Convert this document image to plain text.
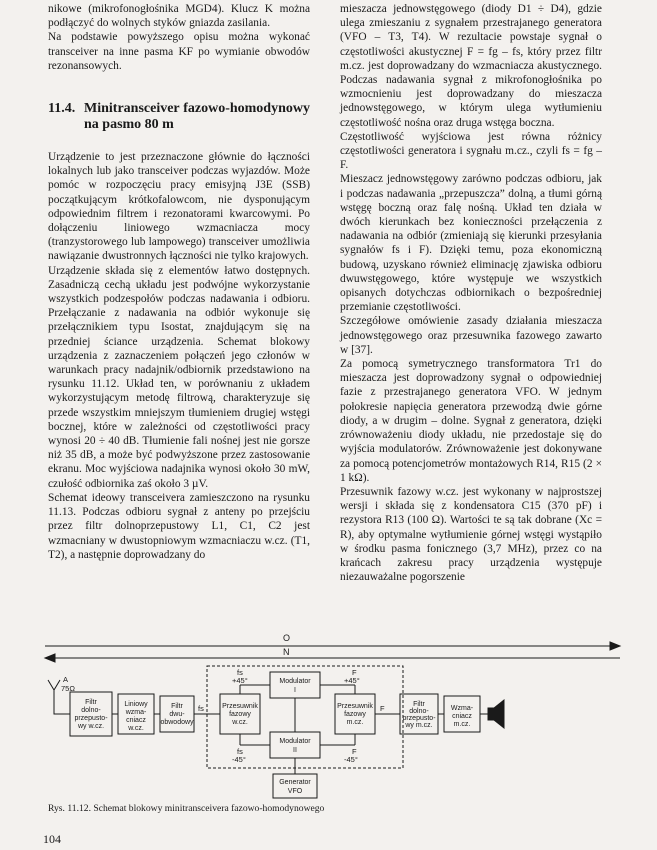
nikowe (mikrofonogłośnika MGD4). Klucz K można podłączyć do wolnych styków gniazda zasilania.

Na podstawie powyższego opisu można wykonać transceiver na inne pasma KF po wymianie obwodów rezonansowych.

11.4. Minitransceiver fazowo-homodynowy na pasmo 80 m

Urządzenie to jest przeznaczone głównie do łączności lokalnych lub jako transceiver podczas wyjazdów. Może pomóc w rozpoczęciu pracy emisyjną J3E (SSB) początkującym krótkofalowcom, nie dysponującym odpowiednim filtrem i rezonatorami kwarcowymi. Po dołączeniu liniowego wzmacniacza mocy (tranzystorowego lub lampowego) transceiver umożliwia nawiązanie dwustronnych łączności nie tylko krajowych.

Urządzenie składa się z elementów łatwo dostępnych. Zasadniczą cechą układu jest podwójne wykorzystanie wszystkich podzespołów podczas nadawania i odbioru. Przełączanie z nadawania na odbiór wykonuje się przełącznikiem typu Isostat, znajdującym się na przedniej ściance urządzenia. Schemat blokowy urządzenia z zaznaczeniem połączeń jego członów w warunkach pracy nadajnik/odbiornik przedstawiono na rysunku 11.12. Układ ten, w porównaniu z układem wykorzystującym metodę filtrową, charakteryzuje się przede wszystkim mniejszym tłumieniem drugiej wstęgi bocznej, które w zależności od częstotliwości pracy wynosi 20 ÷ 40 dB. Tłumienie fali nośnej jest nie gorsze niż 35 dB, a może być podwyższone przez zastosowanie ekranu. Moc wyjściowa nadajnika wynosi około 30 mW, czułość odbiornika zaś około 3 µV.

Schemat ideowy transceivera zamieszczono na rysunku 11.13. Podczas odbioru sygnał z anteny po przejściu przez filtr dolnoprzepustowy L1, C1, C2 jest wzmacniany w dwustopniowym wzmacniaczu w.cz. (T1, T2), a następnie doprowadzany do

mieszacza jednowstęgowego (diody D1 ÷ D4), gdzie ulega zmieszaniu z sygnałem przestrajanego generatora (VFO – T3, T4). W rezultacie powstaje sygnał o częstotliwości akustycznej F = fg – fs, który przez filtr m.cz. jest doprowadzany do wzmacniacza akustycznego. Podczas nadawania sygnał z mikrofonogłośnika po wzmocnieniu jest doprowadzany do mieszacza jednowstęgowego, w którym ulega wytłumieniu częstotliwość nośna oraz druga wstęga boczna.

Częstotliwość wyjściowa jest równa różnicy częstotliwości generatora i sygnału m.cz., czyli fs = fg – F.

Mieszacz jednowstęgowy zarówno podczas odbioru, jak i podczas nadawania „przepuszcza” dolną, a tłumi górną wstęgę boczną oraz falę nośną. Układ ten działa w dwóch kierunkach bez konieczności przełączenia z nadawania na odbiór (zmieniają się kierunki przesyłania sygnałów fs i F). Dzięki temu, poza ekonomiczną budową, uzyskano również eliminację zjawiska odbioru dwuwstęgowego, które występuje we wszystkich opisanych dotychczas odbiornikach o bezpośredniej przemianie częstotliwości.

Szczegółowe omówienie zasady działania mieszacza jednowstęgowego oraz przesuwnika fazowego zawarto w [37].

Za pomocą symetrycznego transformatora Tr1 do mieszacza jest doprowadzony sygnał o odpowiedniej fazie z przestrajanego generatora VFO. W jednym połokresie napięcia generatora przewodzą dwie górne diody, a w drugim – dolne. Sygnał z generatora, dzięki zrównoważeniu diody układu, nie przedostaje się do wyjścia modulatorów. Zrównoważenie jest dokonywane za pomocą potencjometrów montażowych R14, R15 (2 × 1 kΩ).

Przesuwnik fazowy w.cz. jest wykonany w najprostszej wersji i składa się z kondensatora C15 (370 pF) i rezystora R13 (100 Ω). Wartości te są tak dobrane (Xc = R), aby optymalne wytłumienie górnej wstęgi wystąpiło w środku pasma fonicznego (3,7 MHz), przez co na krańcach zakresu pracy urządzenia występuje niezauważalne pogorszenie

O
N
A
75Ω
Filtr dolno-przepusto-wy w.cz.
Liniowy wzma-cniacz w.cz.
Filtr dwu-obwodowy
Przesuwnik fazowy w.cz.
Modulator I
Modulator II
Przesuwnik fazowy m.cz.
Filtr dolno-przepusto-wy m.cz.
Wzma-cniacz m.cz.
Generator VFO
fs
+45°
fs
-45°
F
+45°
F
-45°
fs	F
Rys. 11.12. Schemat blokowy minitransceivera fazowo-homodynowego
104
